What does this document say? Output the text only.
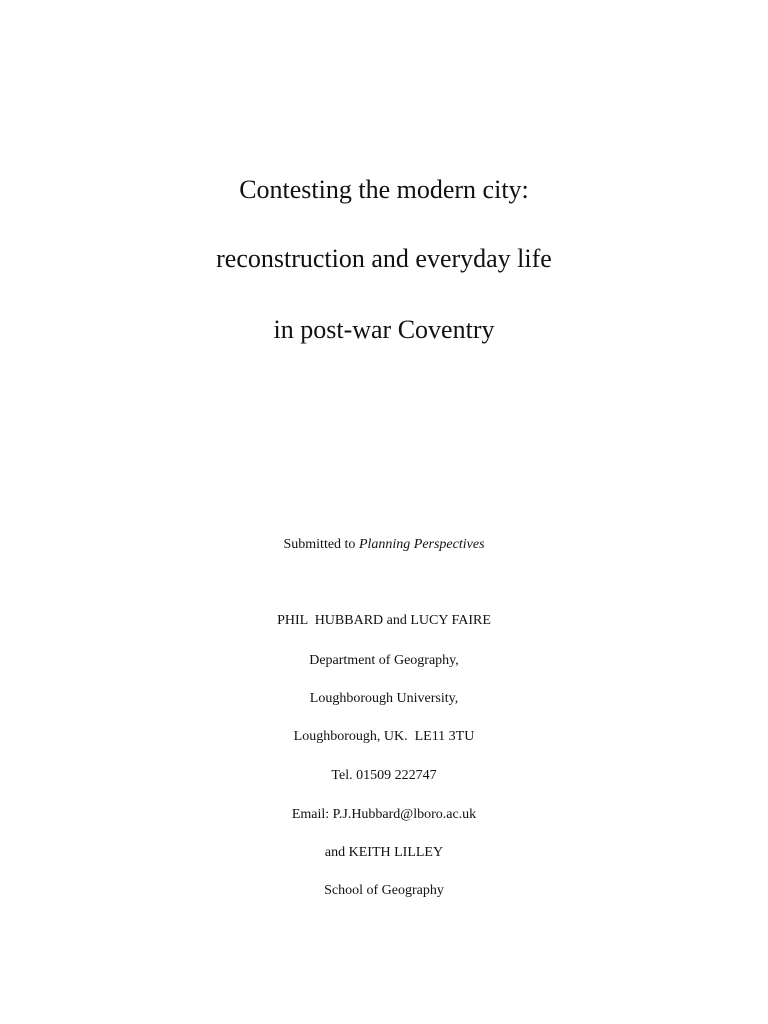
Contesting the modern city:
reconstruction and everyday life
in post-war Coventry
Submitted to Planning Perspectives
PHIL  HUBBARD and LUCY FAIRE
Department of Geography,
Loughborough University,
Loughborough, UK.  LE11 3TU
Tel. 01509 222747
Email: P.J.Hubbard@lboro.ac.uk
and KEITH LILLEY
School of Geography
